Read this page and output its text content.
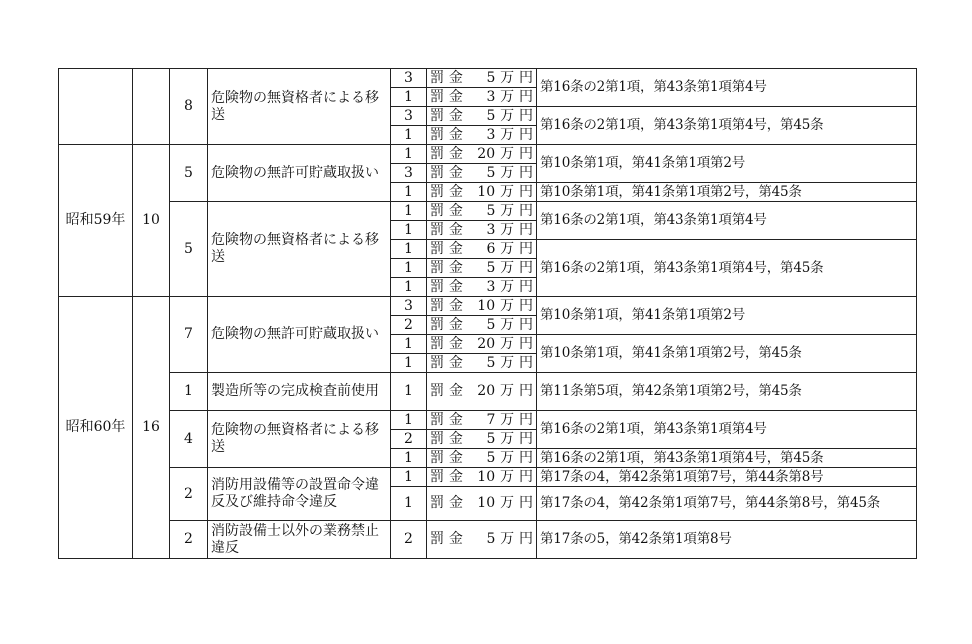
		8	危険物の無資格者による移送	3	罰金　5万円	第16条の2第1項，第43条第1項第4号
				1	罰金　3万円	
				3	罰金　5万円	第16条の2第1項，第43条第1項第4号，第45条
				1	罰金　3万円	
昭和59年	10	5	危険物の無許可貯蔵取扱い	1	罰金 20万円	第10条第1項，第41条第1項第2号
				3	罰金　5万円	
				1	罰金 10万円	第10条第1項，第41条第1項第2号，第45条
		5	危険物の無資格者による移送	1	罰金　5万円	第16条の2第1項，第43条第1項第4号
				1	罰金　3万円	
				1	罰金　6万円	第16条の2第1項，第43条第1項第4号，第45条
				1	罰金　5万円	
				1	罰金　3万円	
昭和60年	16	7	危険物の無許可貯蔵取扱い	3	罰金 10万円	第10条第1項，第41条第1項第2号
				2	罰金　5万円	
				1	罰金 20万円	第10条第1項，第41条第1項第2号，第45条
				1	罰金　5万円	
		1	製造所等の完成検査前使用	1	罰金 20万円	第11条第5項，第42条第1項第2号，第45条
		4	危険物の無資格者による移送	1	罰金　7万円	第16条の2第1項，第43条第1項第4号
				2	罰金　5万円	
				1	罰金　5万円	第16条の2第1項，第43条第1項第4号，第45条
		2	消防用設備等の設置命令違反及び維持命令違反	1	罰金 10万円	第17条の4，第42条第1項第7号，第44条第8号
				1	罰金 10万円	第17条の4，第42条第1項第7号，第44条第8号，第45条
		2	消防設備士以外の業務禁止違反	2	罰金　5万円	第17条の5，第42条第1項第8号
